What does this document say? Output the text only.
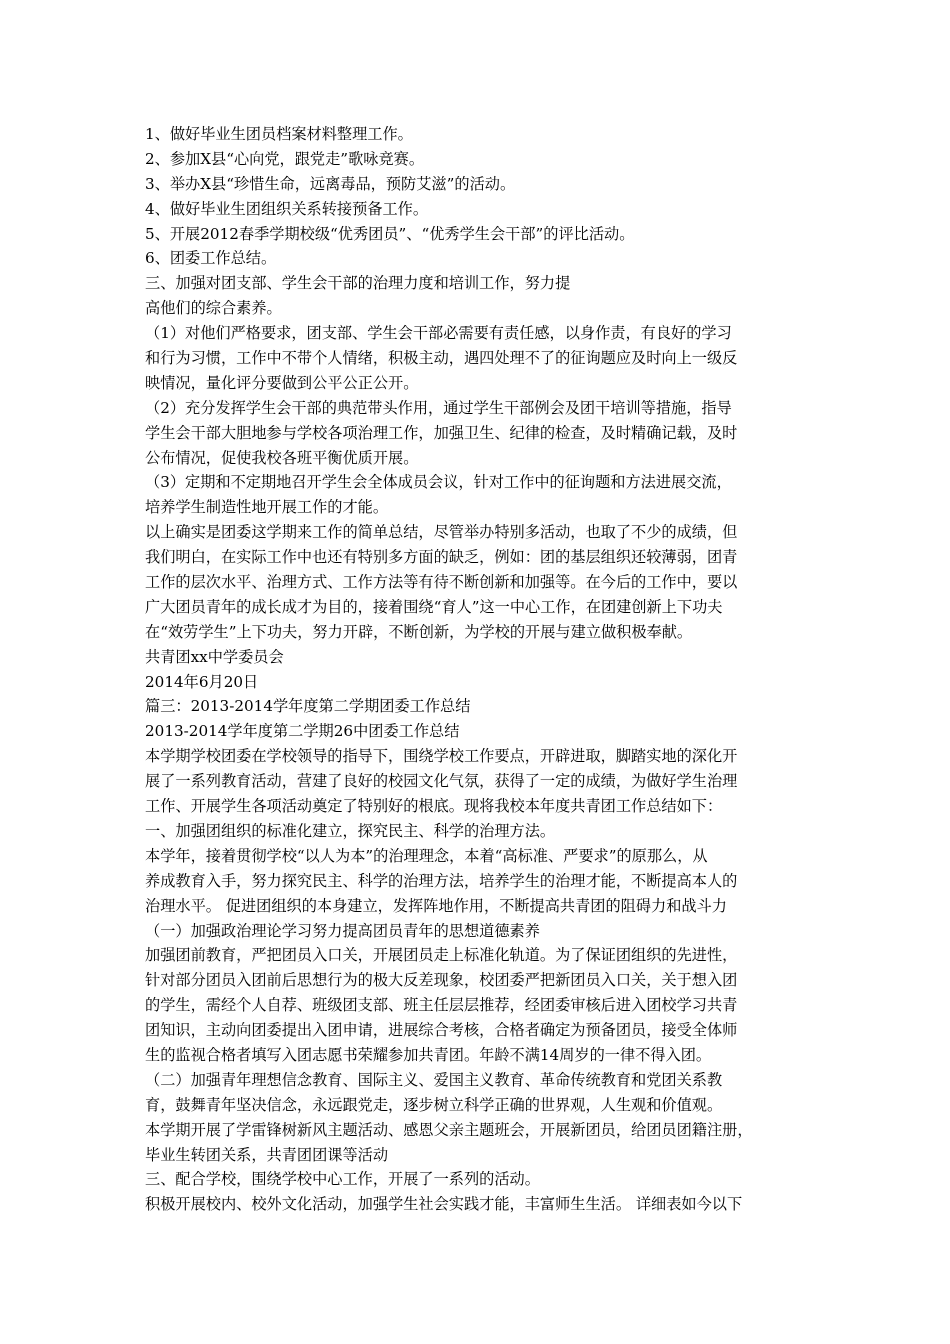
1、做好毕业生团员档案材料整理工作。
2、参加X县“心向党，跟党走”歌咏竞赛。
3、举办X县“珍惜生命，远离毒品，预防艾滋”的活动。
4、做好毕业生团组织关系转接预备工作。
5、开展2012春季学期校级“优秀团员”、“优秀学生会干部”的评比活动。
6、团委工作总结。
三、加强对团支部、学生会干部的治理力度和培训工作，努力提
高他们的综合素养。
（1）对他们严格要求，团支部、学生会干部必需要有责任感，以身作责，有良好的学习
和行为习惯，工作中不带个人情绪，积极主动，遇四处理不了的征询题应及时向上一级反
映情况，量化评分要做到公平公正公开。
（2）充分发挥学生会干部的典范带头作用，通过学生干部例会及团干培训等措施，指导
学生会干部大胆地参与学校各项治理工作，加强卫生、纪律的检查，及时精确记载，及时
公布情况，促使我校各班平衡优质开展。
（3）定期和不定期地召开学生会全体成员会议，针对工作中的征询题和方法进展交流，
培养学生制造性地开展工作的才能。
以上确实是团委这学期来工作的简单总结，尽管举办特别多活动，也取了不少的成绩，但
我们明白，在实际工作中也还有特别多方面的缺乏，例如：团的基层组织还较薄弱，团青
工作的层次水平、治理方式、工作方法等有待不断创新和加强等。在今后的工作中，要以
广大团员青年的成长成才为目的，接着围绕“育人”这一中心工作，在团建创新上下功夫
在“效劳学生”上下功夫，努力开辟，不断创新，为学校的开展与建立做积极奉献。
共青团xx中学委员会
2014年6月20日
篇三：2013-2014学年度第二学期团委工作总结
2013-2014学年度第二学期26中团委工作总结
本学期学校团委在学校领导的指导下，围绕学校工作要点，开辟进取，脚踏实地的深化开
展了一系列教育活动，营建了良好的校园文化气氛，获得了一定的成绩，为做好学生治理
工作、开展学生各项活动奠定了特别好的根底。现将我校本年度共青团工作总结如下：
一、加强团组织的标准化建立，探究民主、科学的治理方法。
本学年，接着贯彻学校“以人为本”的治理理念，本着“高标准、严要求”的原那么，从
养成教育入手，努力探究民主、科学的治理方法，培养学生的治理才能，不断提高本人的
治理水平。 促进团组织的本身建立，发挥阵地作用，不断提高共青团的阻碍力和战斗力
（一）加强政治理论学习努力提高团员青年的思想道德素养
加强团前教育，严把团员入口关，开展团员走上标准化轨道。为了保证团组织的先进性，
针对部分团员入团前后思想行为的极大反差现象，校团委严把新团员入口关，关于想入团
的学生，需经个人自荐、班级团支部、班主任层层推荐，经团委审核后进入团校学习共青
团知识，主动向团委提出入团申请，进展综合考核，合格者确定为预备团员，接受全体师
生的监视合格者填写入团志愿书荣耀参加共青团。年龄不满14周岁的一律不得入团。
（二）加强青年理想信念教育、国际主义、爱国主义教育、革命传统教育和党团关系教
育，鼓舞青年坚决信念，永远跟党走，逐步树立科学正确的世界观，人生观和价值观。
本学期开展了学雷锋树新风主题活动、感恩父亲主题班会，开展新团员，给团员团籍注册，
毕业生转团关系，共青团团课等活动
三、配合学校，围绕学校中心工作，开展了一系列的活动。
积极开展校内、校外文化活动，加强学生社会实践才能，丰富师生生活。 详细表如今以下
